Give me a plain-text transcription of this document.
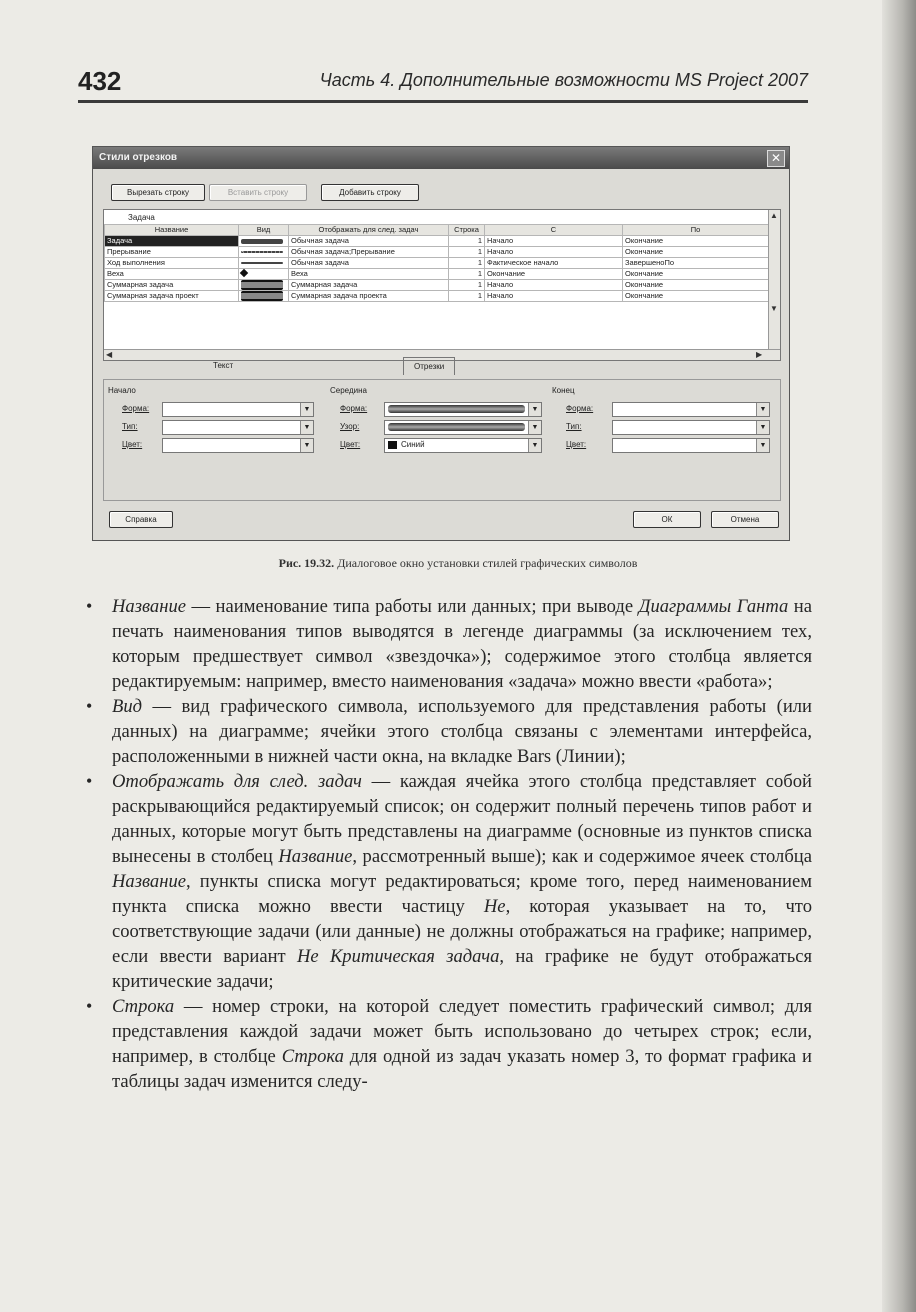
432	Часть 4. Дополнительные возможности MS Project 2007
Стили отрезков	✕
Вырезать строку	Вставить строку	Добавить строку
Задача
Название	Вид	Отображать для след. задач	Строка	С	По
Задача		Обычная задача	1	Начало	Окончание
Прерывание		Обычная задача;Прерывание	1	Начало	Окончание
Ход выполнения		Обычная задача	1	Фактическое начало	ЗавершеноПо
Веха		Веха	1	Окончание	Окончание
Суммарная задача		Суммарная задача	1	Начало	Окончание
Суммарная задача проект		Суммарная задача проекта	1	Начало	Окончание
▲
▼
◀	▶
Текст	Отрезки
Начало	Середина	Конец
Форма:	▼
Тип:	▼
Цвет:	▼
Форма:	▼
Узор:	▼
Цвет:	Синий	▼
Форма:	▼
Тип:	▼
Цвет:	▼
Справка	ОК	Отмена
Рис. 19.32. Диалоговое окно установки стилей графических символов
• Название — наименование типа работы или данных; при выводе Диаграммы Ганта на печать наименования типов выводятся в легенде диаграммы (за исключением тех, которым предшествует символ «звездочка»); содержимое этого столбца является редактируемым: например, вместо наименования «задача» можно ввести «работа»;
• Вид — вид графического символа, используемого для представления работы (или данных) на диаграмме; ячейки этого столбца связаны с элементами интерфейса, расположенными в нижней части окна, на вкладке Bars (Линии);
• Отображать для след. задач — каждая ячейка этого столбца представляет собой раскрывающийся редактируемый список; он содержит полный перечень типов работ и данных, которые могут быть представлены на диаграмме (основные из пунктов списка вынесены в столбец Название, рассмотренный выше); как и содержимое ячеек столбца Название, пункты списка могут редактироваться; кроме того, перед наименованием пункта списка можно ввести частицу Не, которая указывает на то, что соответствующие задачи (или данные) не должны отображаться на графике; например, если ввести вариант Не Критическая задача, на графике не будут отображаться критические задачи;
• Строка — номер строки, на которой следует поместить графический символ; для представления каждой задачи может быть использовано до четырех строк; если, например, в столбце Строка для одной из задач указать номер 3, то формат графика и таблицы задач изменится следу-
